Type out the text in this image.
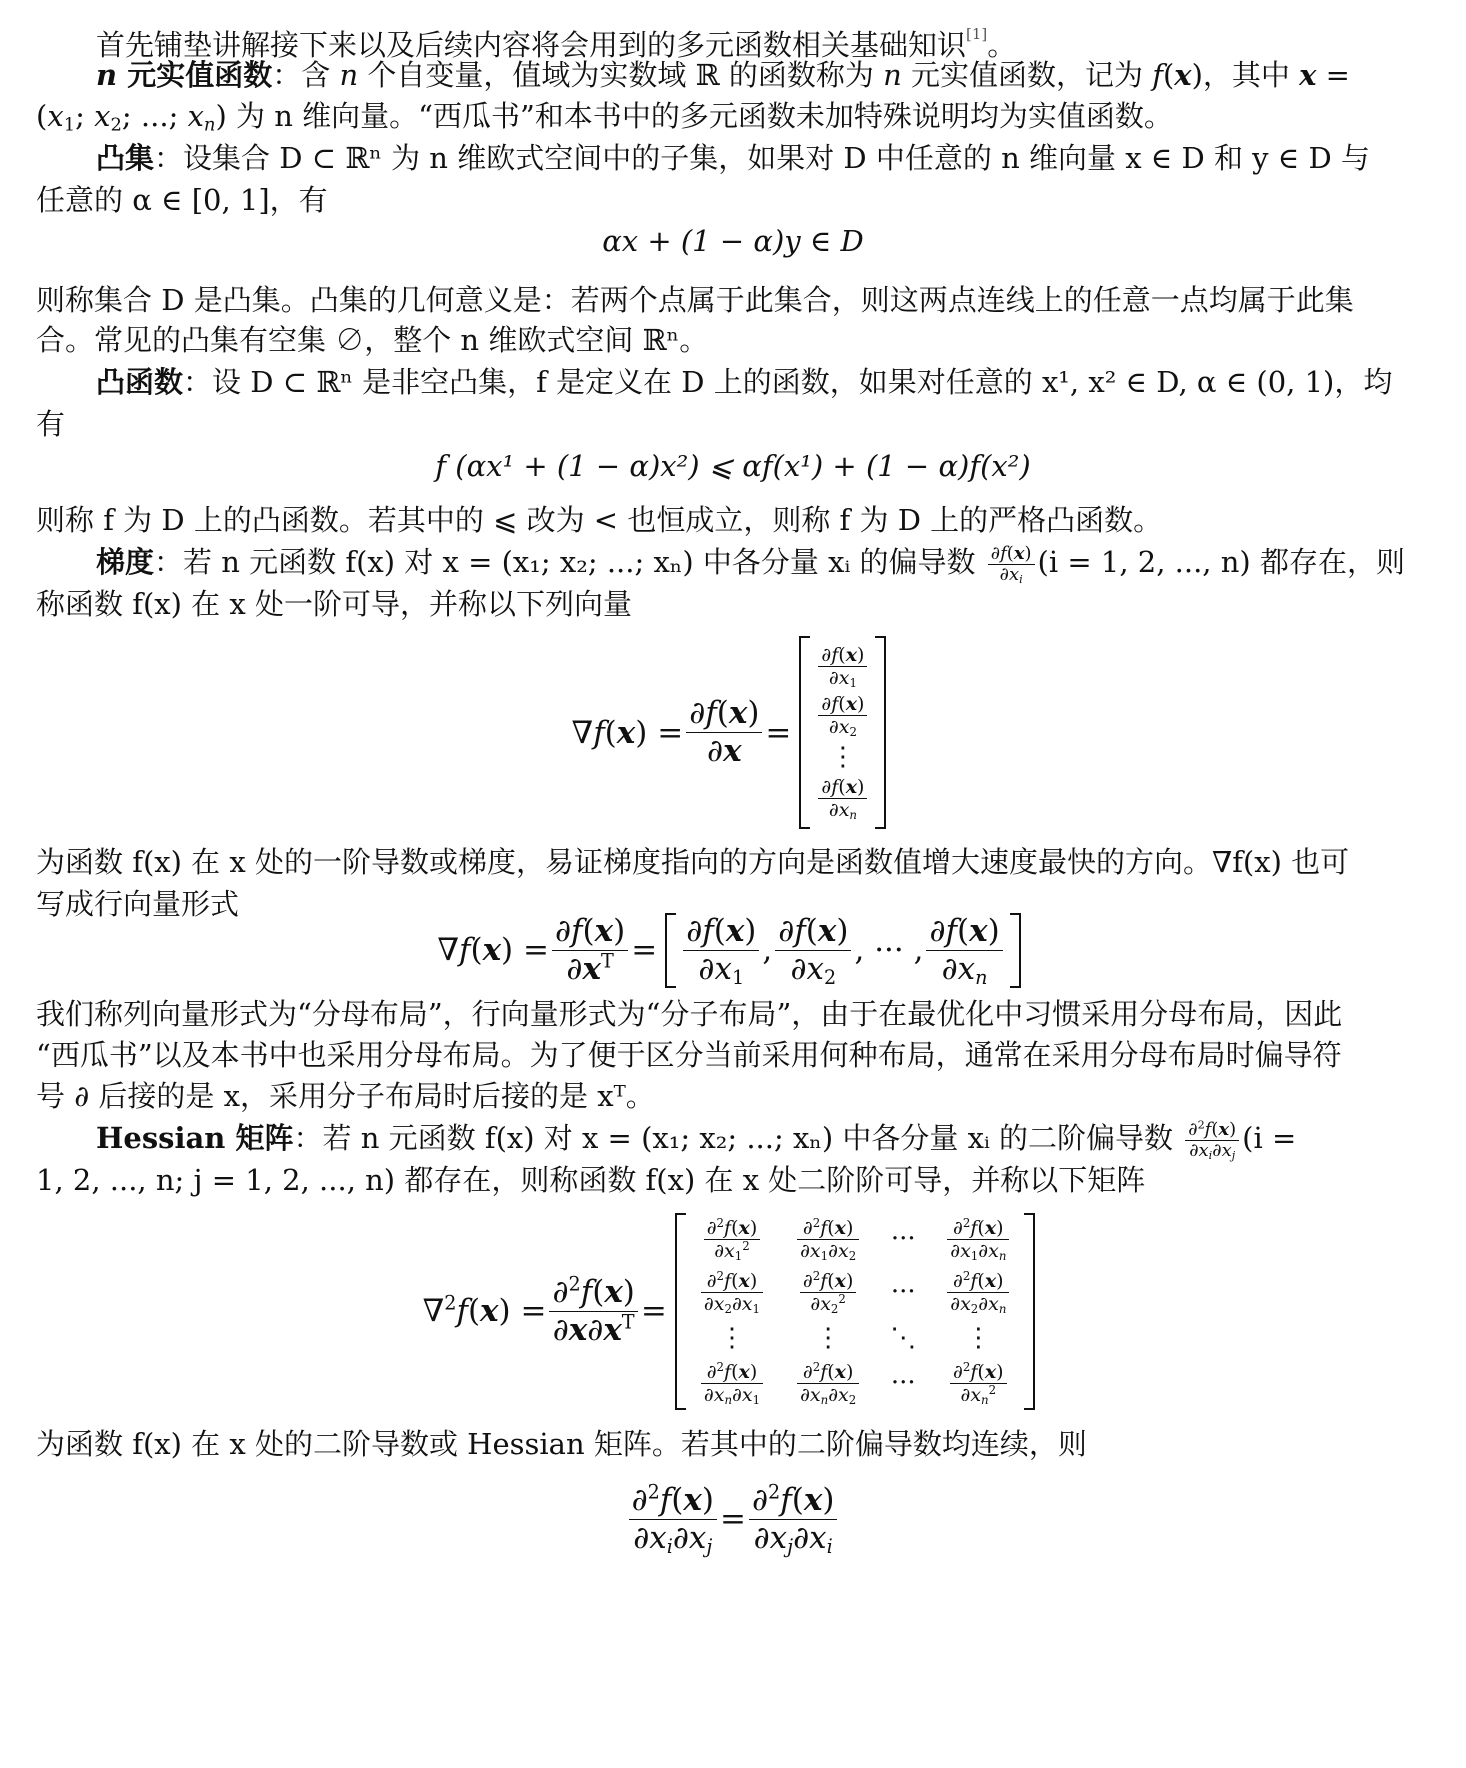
首先铺垫讲解接下来以及后续内容将会用到的多元函数相关基础知识[1]。
n 元实值函数：含 n 个自变量，值域为实数域 ℝ 的函数称为 n 元实值函数，记为 f(x)，其中 x =
($x_1$; $x_2$; ...; $x_n$) 为 n 维向量。“西瓜书”和本书中的多元函数未加特殊说明均为实值函数。
凸集：设集合 D ⊂ ℝⁿ 为 n 维欧式空间中的子集，如果对 D 中任意的 n 维向量 x ∈ D 和 y ∈ D 与
任意的 α ∈ [0, 1]，有
αx + (1 − α)y ∈ D
则称集合 D 是凸集。凸集的几何意义是：若两个点属于此集合，则这两点连线上的任意一点均属于此集
合。常见的凸集有空集 ∅，整个 n 维欧式空间 ℝⁿ。
凸函数：设 D ⊂ ℝⁿ 是非空凸集，f 是定义在 D 上的函数，如果对任意的 x¹, x² ∈ D, α ∈ (0, 1)，均
有
f (αx¹ + (1 − α)x²) ⩽ αf(x¹) + (1 − α)f(x²)
则称 f 为 D 上的凸函数。若其中的 ⩽ 改为 < 也恒成立，则称 f 为 D 上的严格凸函数。
梯度：若 n 元函数 f(x) 对 x = (x₁; x₂; ...; xₙ) 中各分量 xᵢ 的偏导数 $\frac{\partial f(x)}{\partial x_i} (i = 1$, 2, ..., n) 都存在，则
称函数 f(x) 在 x 处一阶可导，并称以下列向量
$\nabla f(x) = \frac{\partial f(x)}{\partial x}$ =
$\frac{\partial f(x)}{\partial x_1}$
$\frac{\partial f(x)}{\partial x_2}$
⋮
$\frac{\partial f(x)}{\partial x_n}$
为函数 f(x) 在 x 处的一阶导数或梯度，易证梯度指向的方向是函数值增大速度最快的方向。∇f(x) 也可
写成行向量形式
$\nabla f(x) = \frac{\partial f(x)}{\partial x^T} = \frac{\partial f(x)}{\partial x_1}$ , $\frac{\partial f(x)}{\partial x_2}$ , ··· , $\frac{\partial f(x)}{\partial x_n}$
我们称列向量形式为“分母布局”，行向量形式为“分子布局”，由于在最优化中习惯采用分母布局，因此
“西瓜书”以及本书中也采用分母布局。为了便于区分当前采用何种布局，通常在采用分母布局时偏导符
号 ∂ 后接的是 x，采用分子布局时后接的是 xᵀ。
Hessian 矩阵：若 n 元函数 f(x) 对 x = (x₁; x₂; ...; xₙ) 中各分量 xᵢ 的二阶偏导数 $\frac{\partial^2f(x)}{\partial x_i\partial x_j} (i$ =
1, 2, ..., n; j = 1, 2, ..., n) 都存在，则称函数 f(x) 在 x 处二阶阶可导，并称以下矩阵
$\nabla^2f(x) = \frac{\partial^2f(x)}{\partial x\partial x^T}$ =
$\frac{\partial^2f(x)}{\partial x_1^2} \frac{\partial^2f(x)}{\partial x_1\partial x_2}$ ··· $\frac{\partial^2f(x)}{\partial x_1\partial x_n}$
$\frac{\partial^2f(x)}{\partial x_2\partial x_1} \frac{\partial^2f(x)}{\partial x_2^2}$ ··· $\frac{\partial^2f(x)}{\partial x_2\partial x_n}$
⋮	⋮ ⋱ ⋮
$\frac{\partial^2f(x)}{\partial x_n\partial x_1} \frac{\partial^2f(x)}{\partial x_n\partial x_2}$ ··· $\frac{\partial^2f(x)}{\partial x_n^2}$
为函数 f(x) 在 x 处的二阶导数或 Hessian 矩阵。若其中的二阶偏导数均连续，则
$\frac{\partial^2f(x)}{\partial x_i\partial x_j} = \frac{\partial^2f(x)}{\partial x_j\partial x_i}$
